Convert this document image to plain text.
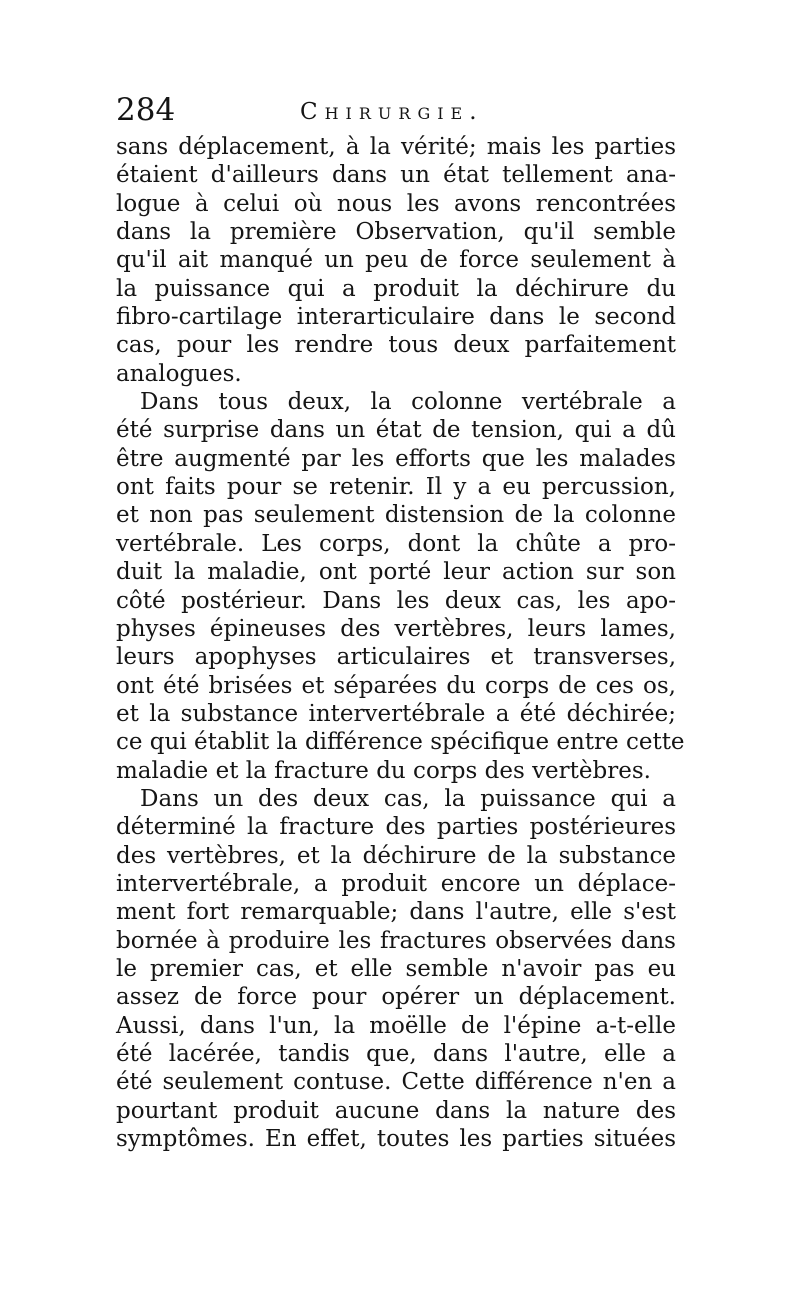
284	Chirurgie.
sans déplacement, à la vérité; mais les parties
étaient d'ailleurs dans un état tellement ana-
logue à celui où nous les avons rencontrées
dans la première Observation, qu'il semble
qu'il ait manqué un peu de force seulement à
la puissance qui a produit la déchirure du
fibro-cartilage interarticulaire dans le second
cas, pour les rendre tous deux parfaitement
analogues.
Dans tous deux, la colonne vertébrale a
été surprise dans un état de tension, qui a dû
être augmenté par les efforts que les malades
ont faits pour se retenir. Il y a eu percussion,
et non pas seulement distension de la colonne
vertébrale. Les corps, dont la chûte a pro-
duit la maladie, ont porté leur action sur son
côté postérieur. Dans les deux cas, les apo-
physes épineuses des vertèbres, leurs lames,
leurs apophyses articulaires et transverses,
ont été brisées et séparées du corps de ces os,
et la substance intervertébrale a été déchirée;
ce qui établit la différence spécifique entre cette
maladie et la fracture du corps des vertèbres.
Dans un des deux cas, la puissance qui a
déterminé la fracture des parties postérieures
des vertèbres, et la déchirure de la substance
intervertébrale, a produit encore un déplace-
ment fort remarquable; dans l'autre, elle s'est
bornée à produire les fractures observées dans
le premier cas, et elle semble n'avoir pas eu
assez de force pour opérer un déplacement.
Aussi, dans l'un, la moëlle de l'épine a-t-elle
été lacérée, tandis que, dans l'autre, elle a
été seulement contuse. Cette différence n'en a
pourtant produit aucune dans la nature des
symptômes. En effet, toutes les parties situées
